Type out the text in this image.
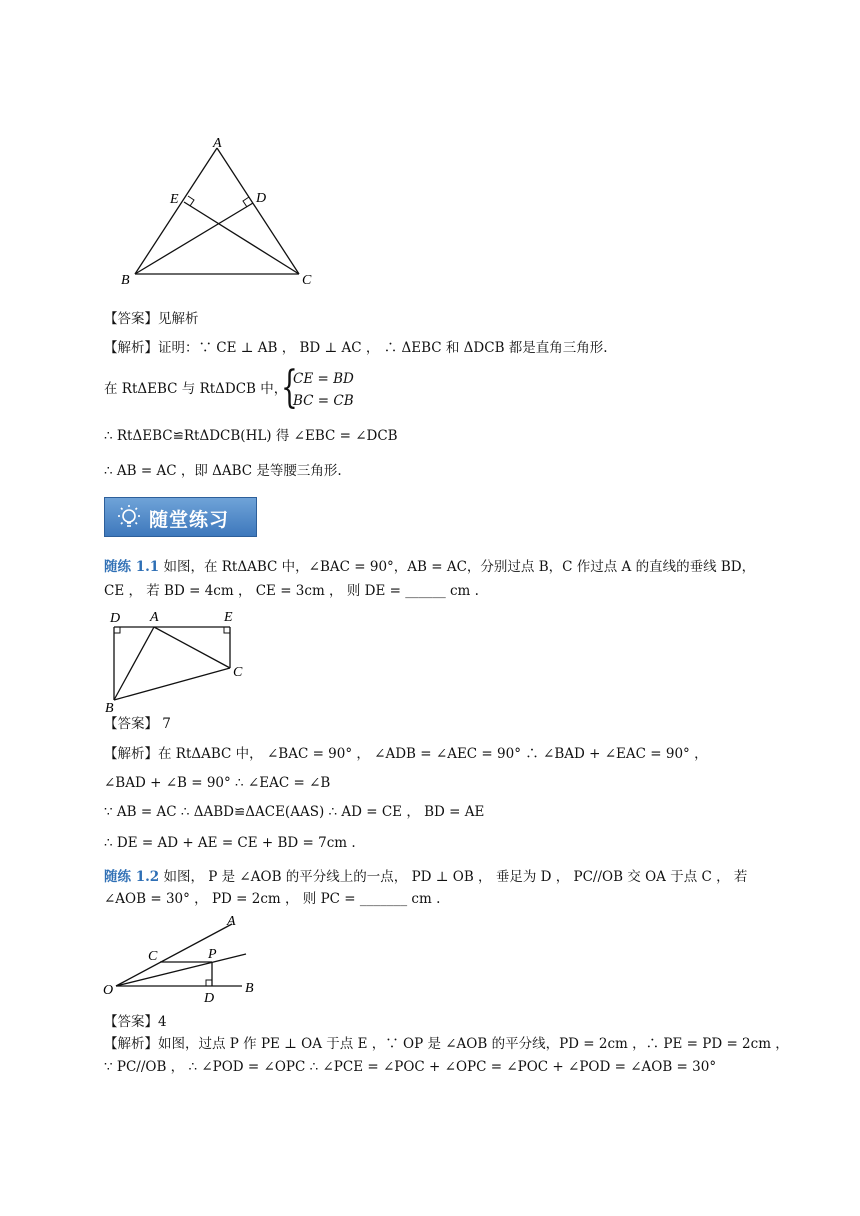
A
E	D
B	C
【答案】见解析
【解析】证明：∵ CE ⊥ AB ， BD ⊥ AC ， ∴ ΔEBC 和 ΔDCB 都是直角三角形.
在 RtΔEBC 与 RtΔDCB 中，
{
CE = BD
BC = CB
∴ RtΔEBC≌RtΔDCB(HL) 得 ∠EBC = ∠DCB
∴ AB = AC ，即 ΔABC 是等腰三角形.
随堂练习
随练 1.1 如图，在 RtΔABC 中，∠BAC = 90°，AB = AC，分别过点 B，C 作过点 A 的直线的垂线 BD，
CE ， 若 BD = 4cm ， CE = 3cm ， 则 DE = ______ cm .
D A	E
C
B
【答案】 7
【解析】在 RtΔABC 中， ∠BAC = 90° ， ∠ADB = ∠AEC = 90° ∴ ∠BAD + ∠EAC = 90° ，
∠BAD + ∠B = 90° ∴ ∠EAC = ∠B
∵ AB = AC ∴ ΔABD≌ΔACE(AAS) ∴ AD = CE ， BD = AE
∴ DE = AD + AE = CE + BD = 7cm .
随练 1.2 如图， P 是 ∠AOB 的平分线上的一点， PD ⊥ OB ， 垂足为 D ， PC//OB 交 OA 于点 C ， 若
∠AOB = 30° ， PD = 2cm ， 则 PC = _______ cm .
A
C	P
O
D
B
【答案】4
【解析】如图，过点 P 作 PE ⊥ OA 于点 E ，∵ OP 是 ∠AOB 的平分线，PD = 2cm ，∴ PE = PD = 2cm ，
∵ PC//OB ， ∴ ∠POD = ∠OPC ∴ ∠PCE = ∠POC + ∠OPC = ∠POC + ∠POD = ∠AOB = 30°
